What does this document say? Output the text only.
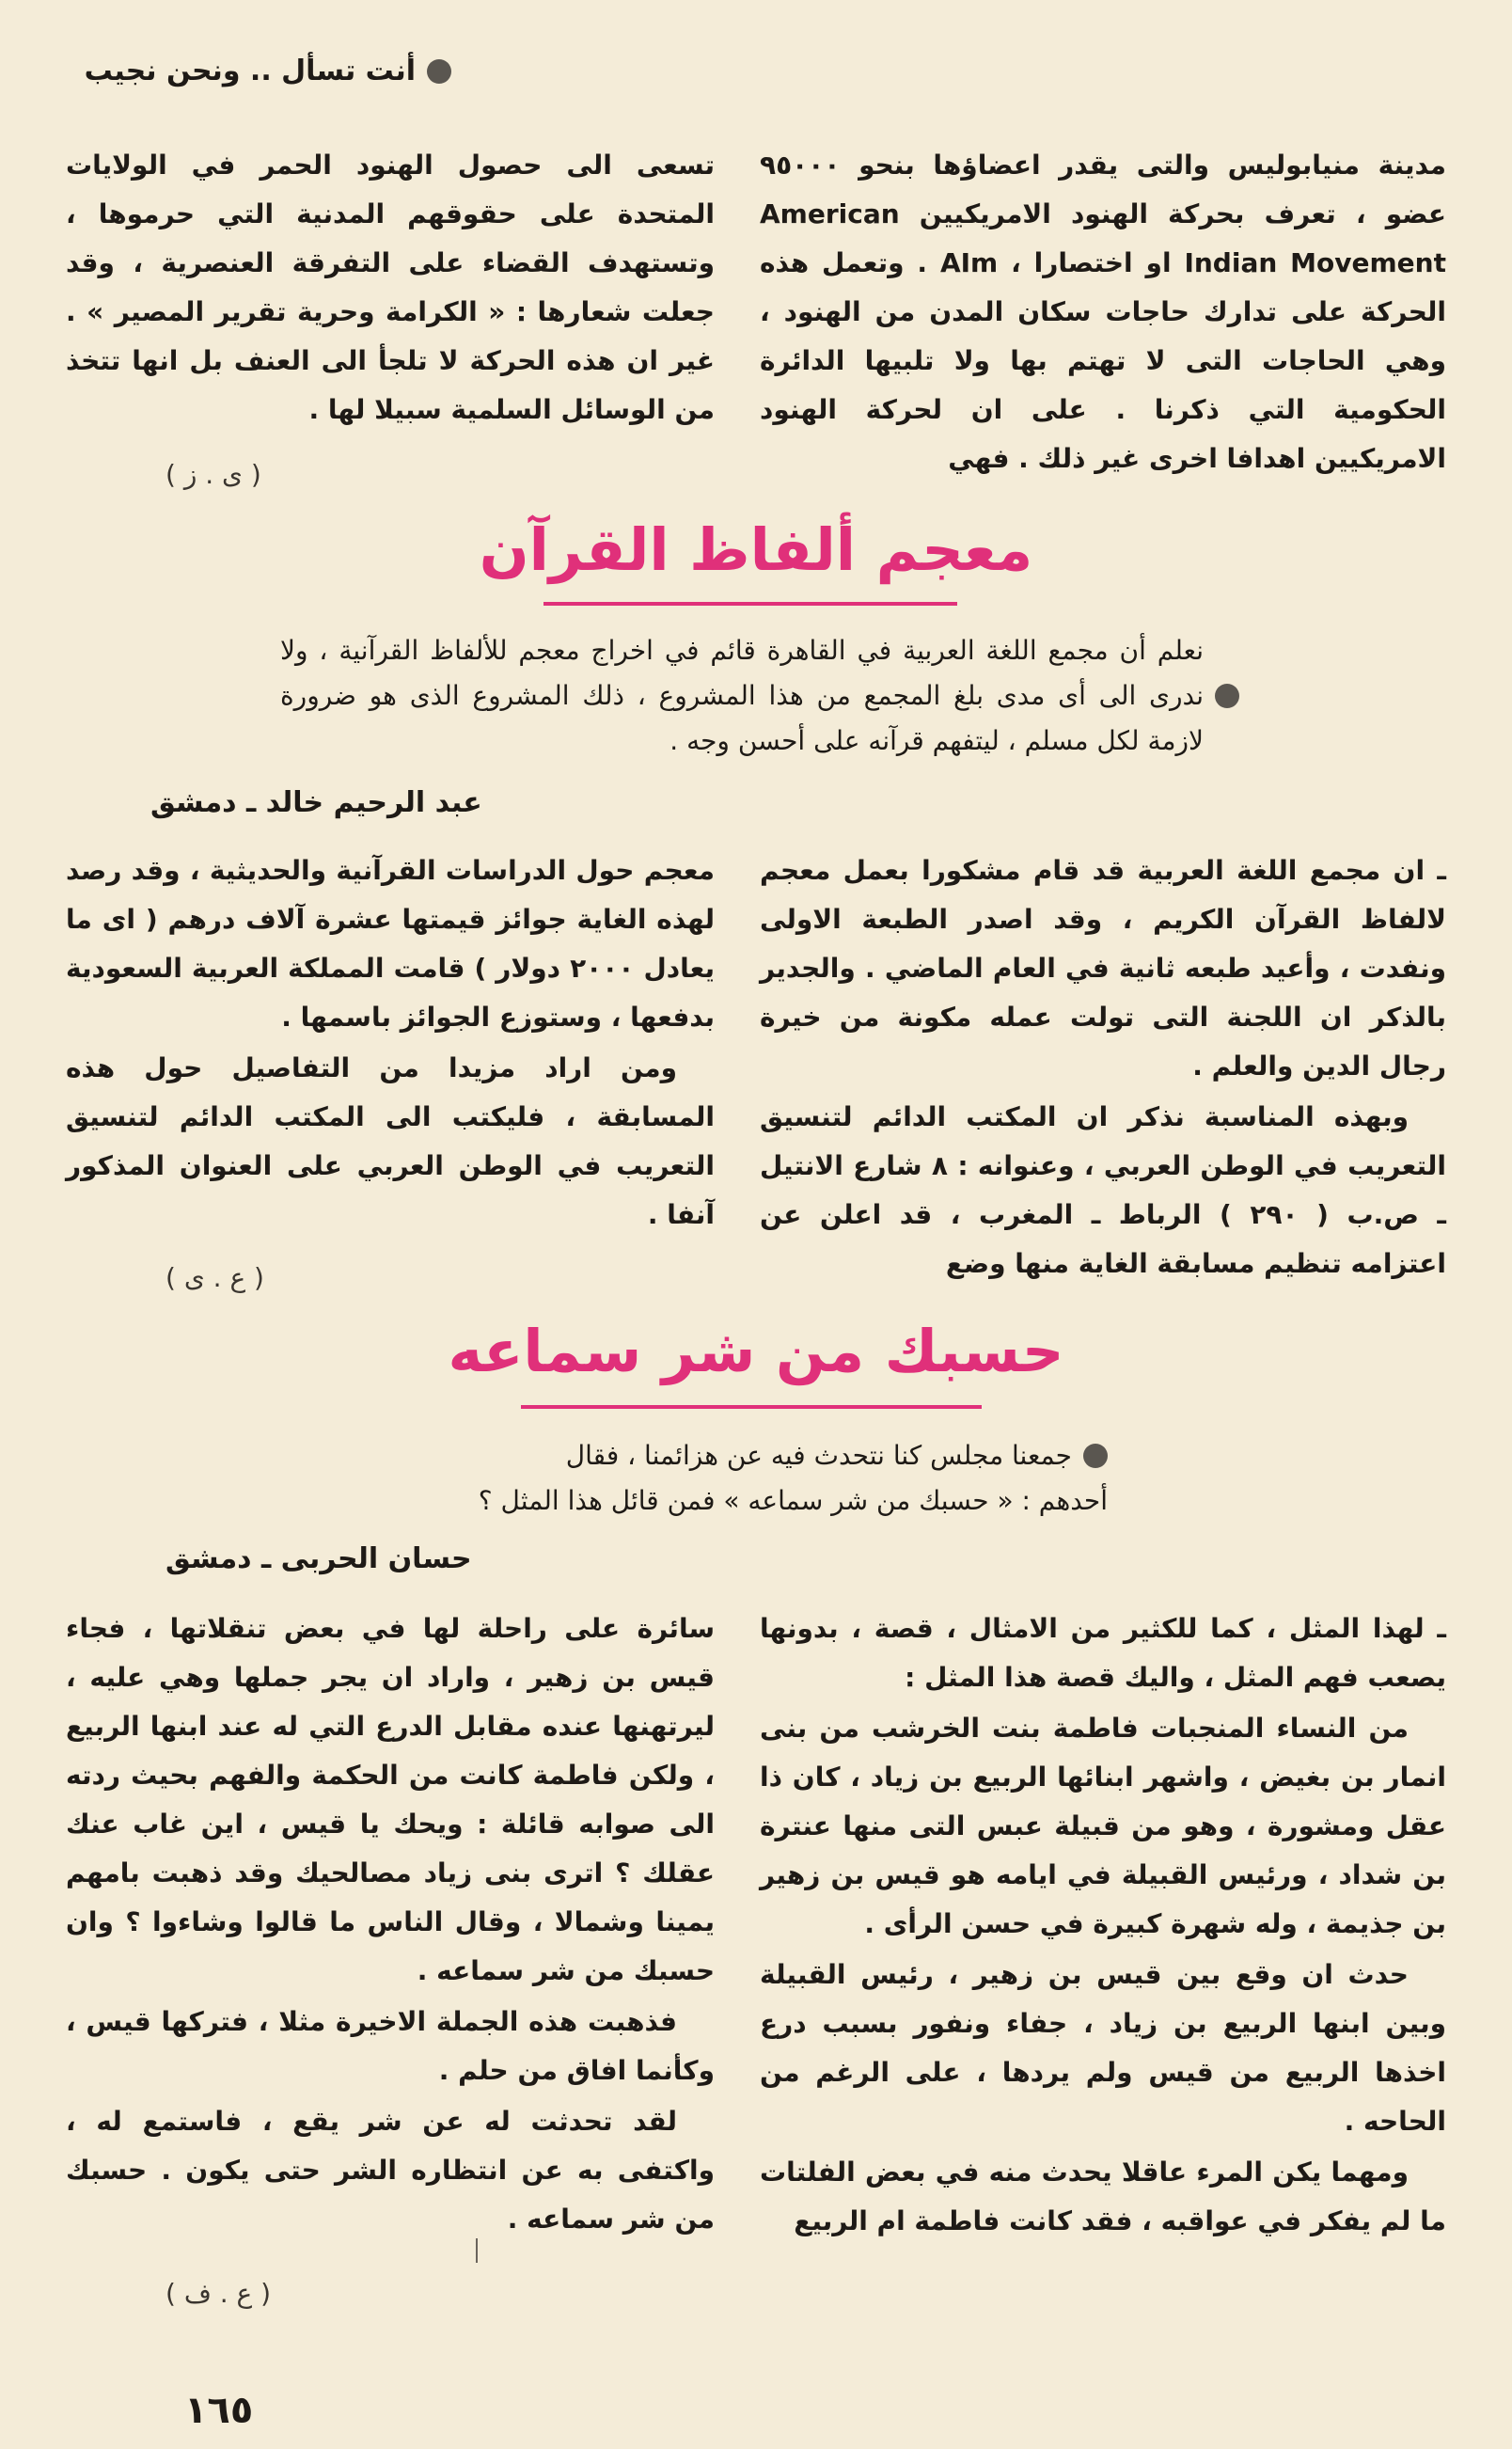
أنت تسأل .. ونحن نجيب

مدينة منيابوليس والتى يقدر اعضاؤها بنحو ٩٥٠٠٠ عضو ، تعرف بحركة الهنود الامريكيين American Indian Movement او اختصارا ، AIm . وتعمل هذه الحركة على تدارك حاجات سكان المدن من الهنود ، وهي الحاجات التى لا تهتم بها ولا تلبيها الدائرة الحكومية التي ذكرنا . على ان لحركة الهنود الامريكيين اهدافا اخرى غير ذلك . فهي

تسعى الى حصول الهنود الحمر في الولايات المتحدة على حقوقهم المدنية التي حرموها ، وتستهدف القضاء على التفرقة العنصرية ، وقد جعلت شعارها : « الكرامة وحرية تقرير المصير » . غير ان هذه الحركة لا تلجأ الى العنف بل انها تتخذ من الوسائل السلمية سبيلا لها .

( ى . ز )
معجم ألفاظ القرآن
نعلم أن مجمع اللغة العربية في القاهرة قائم في اخراج معجم للألفاظ القرآنية ، ولا ندرى الى أى مدى بلغ المجمع من هذا المشروع ، ذلك المشروع الذى هو ضرورة لازمة لكل مسلم ، ليتفهم قرآنه على أحسن وجه .
عبد الرحيم خالد ـ دمشق

ـ ان مجمع اللغة العربية قد قام مشكورا بعمل معجم لالفاظ القرآن الكريم ، وقد اصدر الطبعة الاولى ونفدت ، وأعيد طبعه ثانية في العام الماضي . والجدير بالذكر ان اللجنة التى تولت عمله مكونة من خيرة رجال الدين والعلم .

وبهذه المناسبة نذكر ان المكتب الدائم لتنسيق التعريب في الوطن العربي ، وعنوانه : ٨ شارع الانتيل ـ ص.ب ( ٢٩٠ ) الرباط ـ المغرب ، قد اعلن عن اعتزامه تنظيم مسابقة الغاية منها وضع

معجم حول الدراسات القرآنية والحديثية ، وقد رصد لهذه الغاية جوائز قيمتها عشرة آلاف درهم ( اى ما يعادل ٢٠٠٠ دولار ) قامت المملكة العربية السعودية بدفعها ، وستوزع الجوائز باسمها .

ومن اراد مزيدا من التفاصيل حول هذه المسابقة ، فليكتب الى المكتب الدائم لتنسيق التعريب في الوطن العربي على العنوان المذكور آنفا .

( ع . ى )
حسبك من شر سماعه
جمعنا مجلس كنا نتحدث فيه عن هزائمنا ، فقال
أحدهم : « حسبك من شر سماعه » فمن قائل هذا المثل ؟
حسان الحربى ـ دمشق

ـ لهذا المثل ، كما للكثير من الامثال ، قصة ، بدونها يصعب فهم المثل ، واليك قصة هذا المثل :

من النساء المنجبات فاطمة بنت الخرشب من بنى انمار بن بغيض ، واشهر ابنائها الربيع بن زياد ، كان ذا عقل ومشورة ، وهو من قبيلة عبس التى منها عنترة بن شداد ، ورئيس القبيلة في ايامه هو قيس بن زهير بن جذيمة ، وله شهرة كبيرة في حسن الرأى .

حدث ان وقع بين قيس بن زهير ، رئيس القبيلة وبين ابنها الربيع بن زياد ، جفاء ونفور بسبب درع اخذها الربيع من قيس ولم يردها ، على الرغم من الحاحه .

ومهما يكن المرء عاقلا يحدث منه في بعض الفلتات ما لم يفكر في عواقبه ، فقد كانت فاطمة ام الربيع

سائرة على راحلة لها في بعض تنقلاتها ، فجاء قيس بن زهير ، واراد ان يجر جملها وهي عليه ، ليرتهنها عنده مقابل الدرع التي له عند ابنها الربيع ، ولكن فاطمة كانت من الحكمة والفهم بحيث ردته الى صوابه قائلة : ويحك يا قيس ، اين غاب عنك عقلك ؟ اترى بنى زياد مصالحيك وقد ذهبت بامهم يمينا وشمالا ، وقال الناس ما قالوا وشاءوا ؟ وان حسبك من شر سماعه .

فذهبت هذه الجملة الاخيرة مثلا ، فتركها قيس ، وكأنما افاق من حلم .

لقد تحدثت له عن شر يقع ، فاستمع له ، واكتفى به عن انتظاره الشر حتى يكون . حسبك من شر سماعه .

( ع . ف )
١٦٥
